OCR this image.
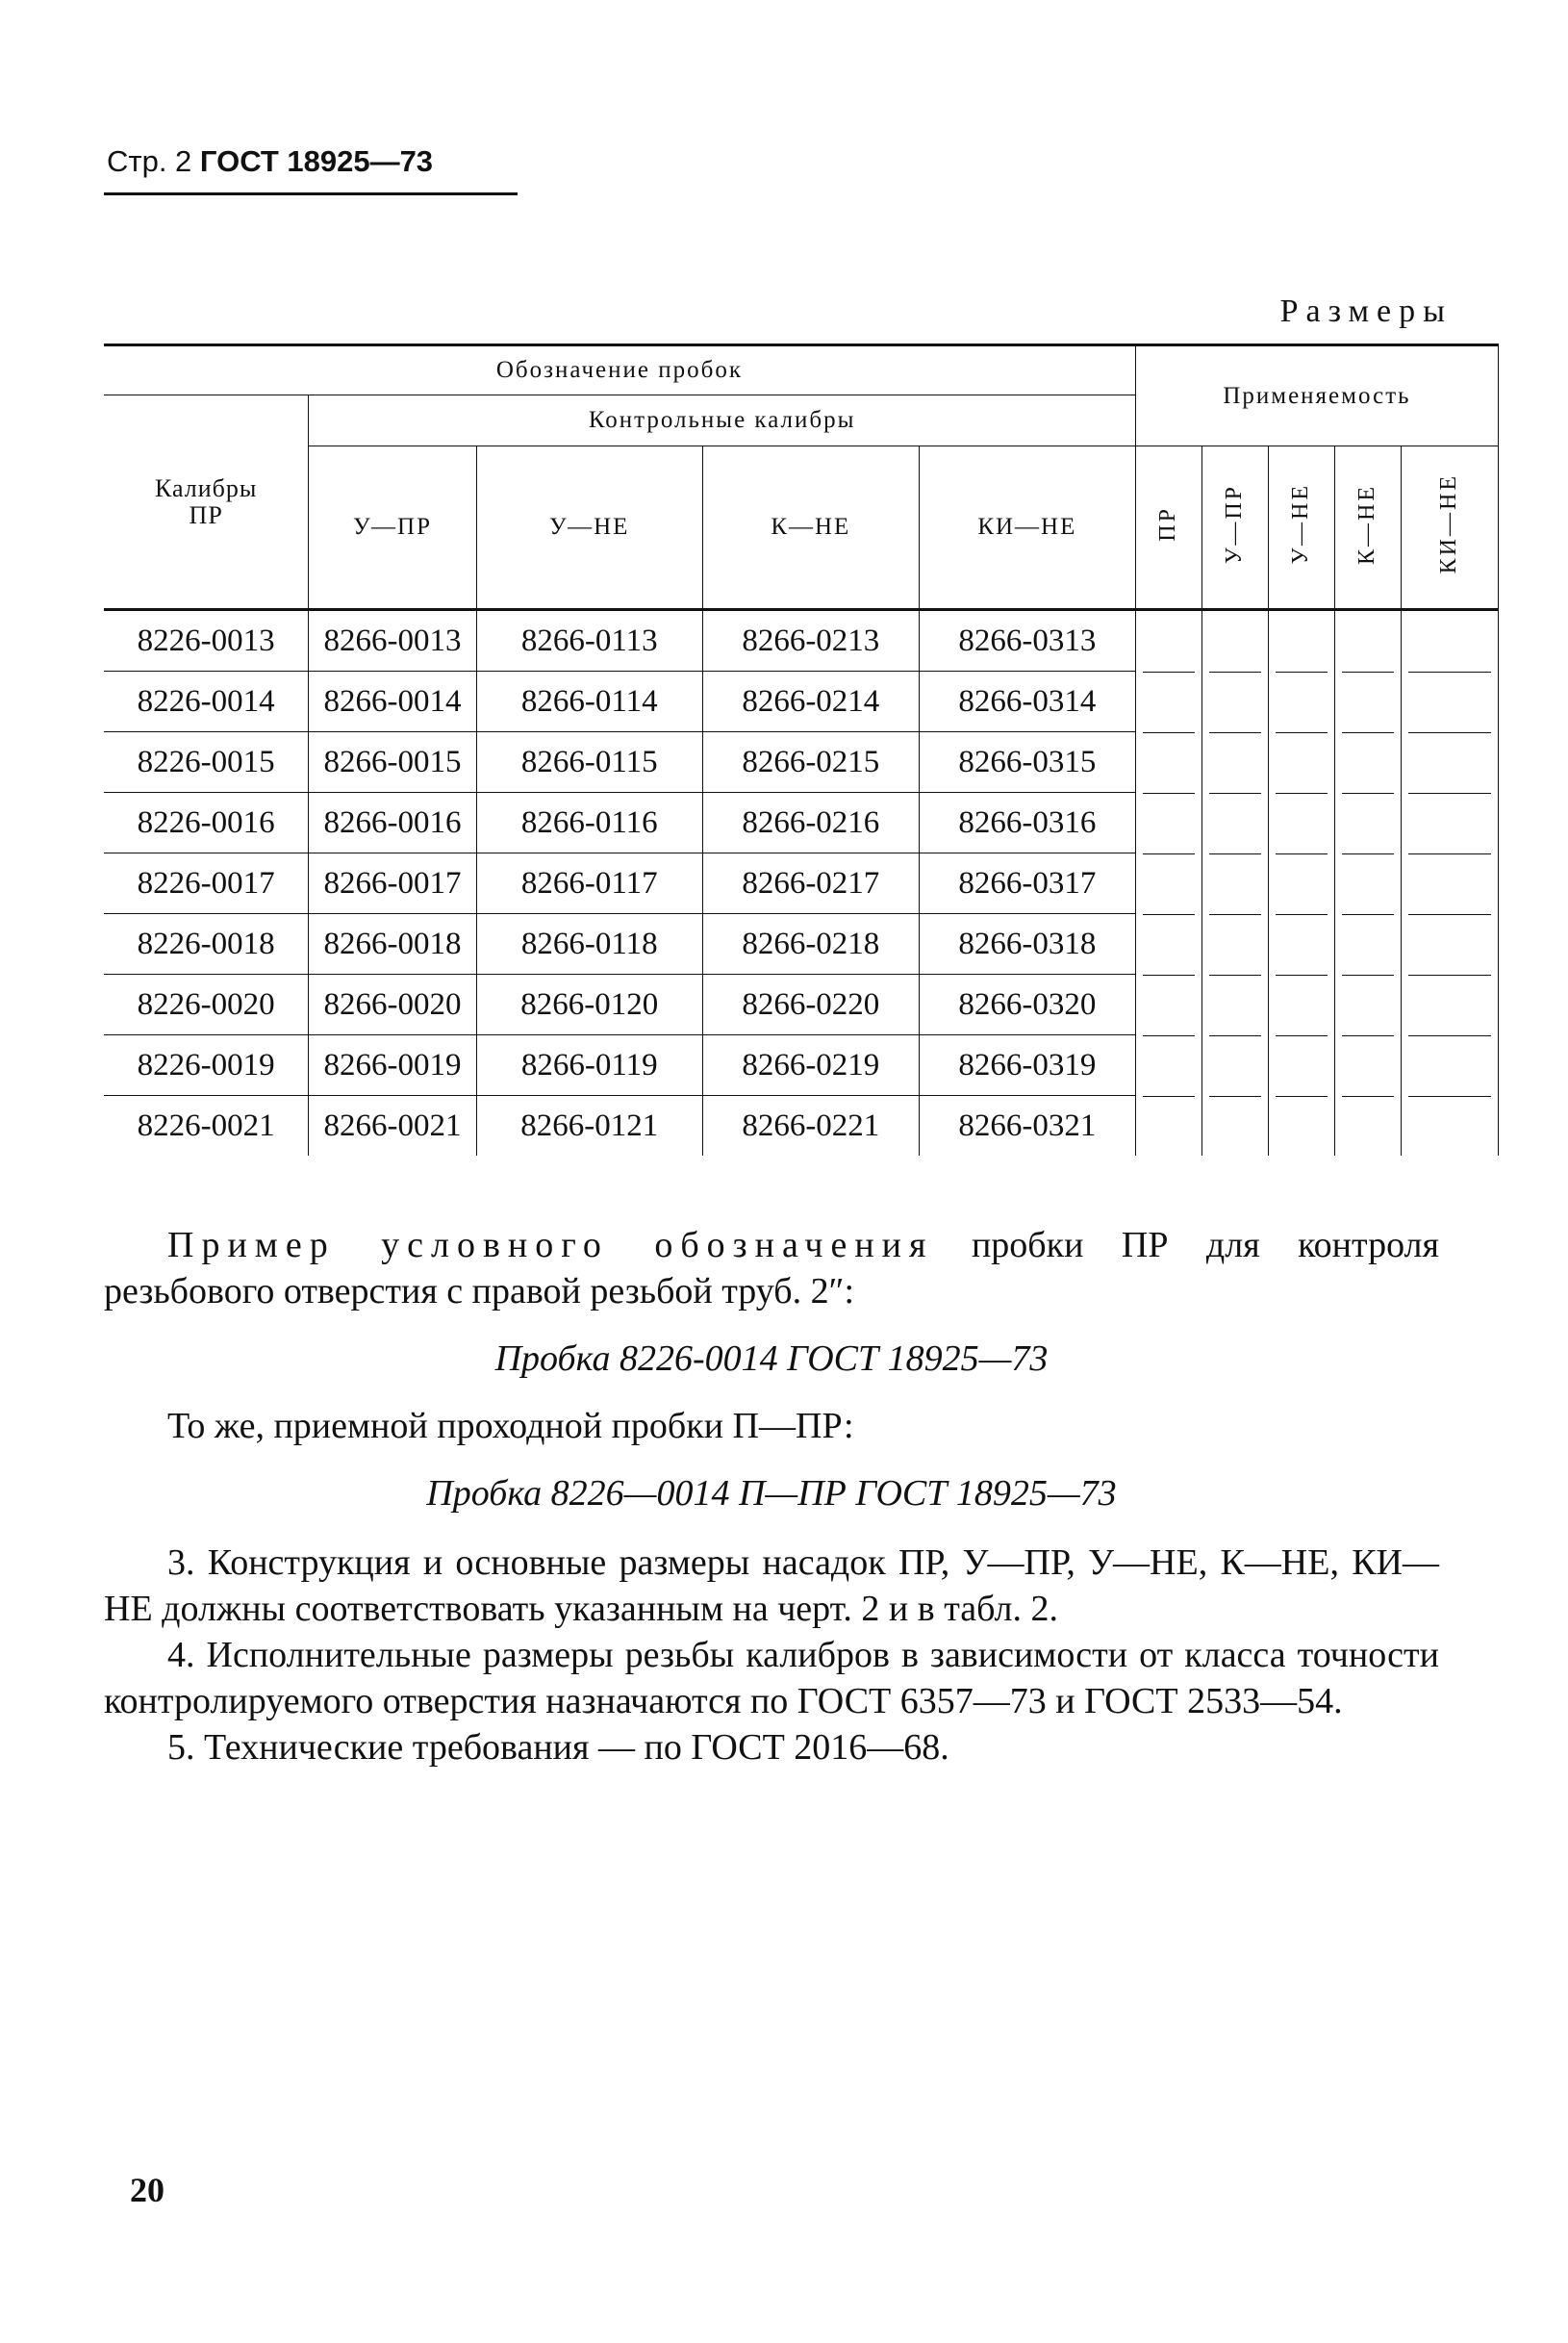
Стр. 2 ГОСТ 18925—73
Размеры
Обозначение пробок					Применяемость				
Калибры ПР	Контрольные калибры								
	У—ПР	У—НЕ	К—НЕ	КИ—НЕ	ПР	У—ПР	У—НЕ	К—НЕ	КИ—НЕ
8226-0013	8266-0013	8266-0113	8266-0213	8266-0313					
8226-0014	8266-0014	8266-0114	8266-0214	8266-0314					
8226-0015	8266-0015	8266-0115	8266-0215	8266-0315					
8226-0016	8266-0016	8266-0116	8266-0216	8266-0316					
8226-0017	8266-0017	8266-0117	8266-0217	8266-0317					
8226-0018	8266-0018	8266-0118	8266-0218	8266-0318					
8226-0020	8266-0020	8266-0120	8266-0220	8266-0320					
8226-0019	8266-0019	8266-0119	8266-0219	8266-0319					
8226-0021	8266-0021	8266-0121	8266-0221	8266-0321					

Пример условного обозначения пробки ПР для контроля резьбового отверстия с правой резьбой труб. 2″:

Пробка 8226-0014 ГОСТ 18925—73

То же, приемной проходной пробки П—ПР:

Пробка 8226—0014 П—ПР ГОСТ 18925—73

3. Конструкция и основные размеры насадок ПР, У—ПР, У—НЕ, К—НЕ, КИ—НЕ должны соответствовать указанным на черт. 2 и в табл. 2.

4. Исполнительные размеры резьбы калибров в зависимости от класса точности контролируемого отверстия назначаются по ГОСТ 6357—73 и ГОСТ 2533—54.

5. Технические требования — по ГОСТ 2016—68.

20
